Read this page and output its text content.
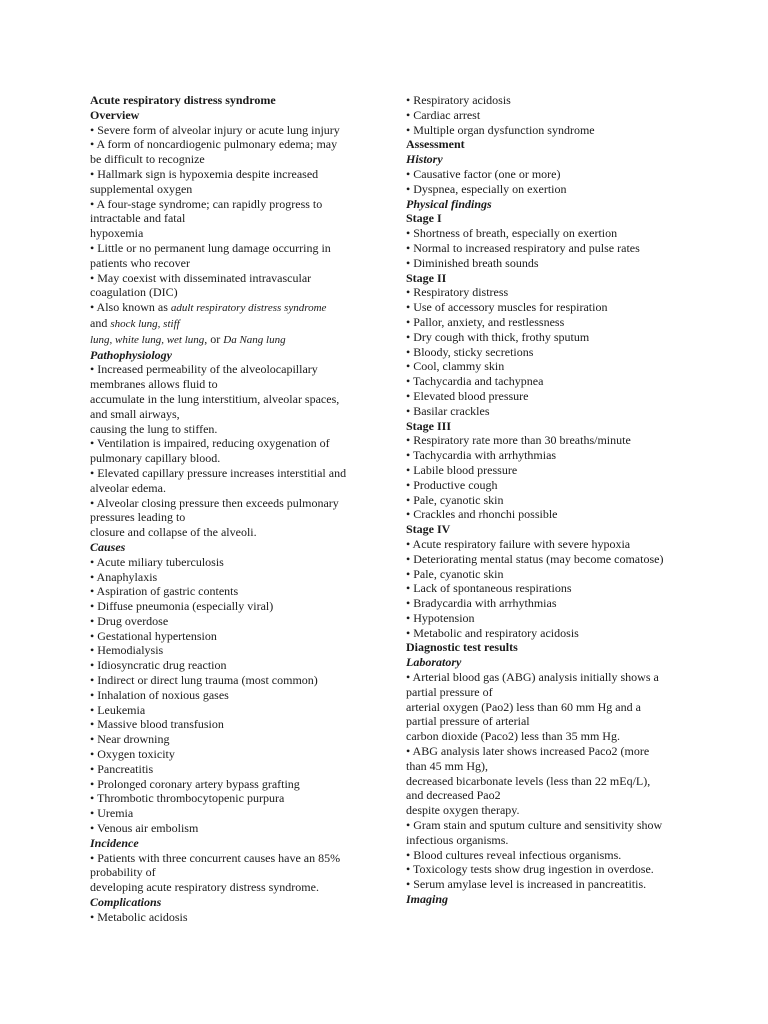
Acute respiratory distress syndrome
Overview
• Severe form of alveolar injury or acute lung injury
• A form of noncardiogenic pulmonary edema; may
be difficult to recognize
• Hallmark sign is hypoxemia despite increased
supplemental oxygen
• A four-stage syndrome; can rapidly progress to
intractable and fatal
hypoxemia
• Little or no permanent lung damage occurring in
patients who recover
• May coexist with disseminated intravascular
coagulation (DIC)
• Also known as adult respiratory distress syndrome
and shock lung, stiff
lung, white lung, wet lung, or Da Nang lung
Pathophysiology
• Increased permeability of the alveolocapillary
membranes allows fluid to
accumulate in the lung interstitium, alveolar spaces,
and small airways,
causing the lung to stiffen.
• Ventilation is impaired, reducing oxygenation of
pulmonary capillary blood.
• Elevated capillary pressure increases interstitial and
alveolar edema.
• Alveolar closing pressure then exceeds pulmonary
pressures leading to
closure and collapse of the alveoli.
Causes
• Acute miliary tuberculosis
• Anaphylaxis
• Aspiration of gastric contents
• Diffuse pneumonia (especially viral)
• Drug overdose
• Gestational hypertension
• Hemodialysis
• Idiosyncratic drug reaction
• Indirect or direct lung trauma (most common)
• Inhalation of noxious gases
• Leukemia
• Massive blood transfusion
• Near drowning
• Oxygen toxicity
• Pancreatitis
• Prolonged coronary artery bypass grafting
• Thrombotic thrombocytopenic purpura
• Uremia
• Venous air embolism
Incidence
• Patients with three concurrent causes have an 85%
probability of
developing acute respiratory distress syndrome.
Complications
• Metabolic acidosis
• Respiratory acidosis
• Cardiac arrest
• Multiple organ dysfunction syndrome
Assessment
History
• Causative factor (one or more)
• Dyspnea, especially on exertion
Physical findings
Stage I
• Shortness of breath, especially on exertion
• Normal to increased respiratory and pulse rates
• Diminished breath sounds
Stage II
• Respiratory distress
• Use of accessory muscles for respiration
• Pallor, anxiety, and restlessness
• Dry cough with thick, frothy sputum
• Bloody, sticky secretions
• Cool, clammy skin
• Tachycardia and tachypnea
• Elevated blood pressure
• Basilar crackles
Stage III
• Respiratory rate more than 30 breaths/minute
• Tachycardia with arrhythmias
• Labile blood pressure
• Productive cough
• Pale, cyanotic skin
• Crackles and rhonchi possible
Stage IV
• Acute respiratory failure with severe hypoxia
• Deteriorating mental status (may become comatose)
• Pale, cyanotic skin
• Lack of spontaneous respirations
• Bradycardia with arrhythmias
• Hypotension
• Metabolic and respiratory acidosis
Diagnostic test results
Laboratory
• Arterial blood gas (ABG) analysis initially shows a
partial pressure of
arterial oxygen (Pao2) less than 60 mm Hg and a
partial pressure of arterial
carbon dioxide (Paco2) less than 35 mm Hg.
• ABG analysis later shows increased Paco2 (more
than 45 mm Hg),
decreased bicarbonate levels (less than 22 mEq/L),
and decreased Pao2
despite oxygen therapy.
• Gram stain and sputum culture and sensitivity show
infectious organisms.
• Blood cultures reveal infectious organisms.
• Toxicology tests show drug ingestion in overdose.
• Serum amylase level is increased in pancreatitis.
Imaging
